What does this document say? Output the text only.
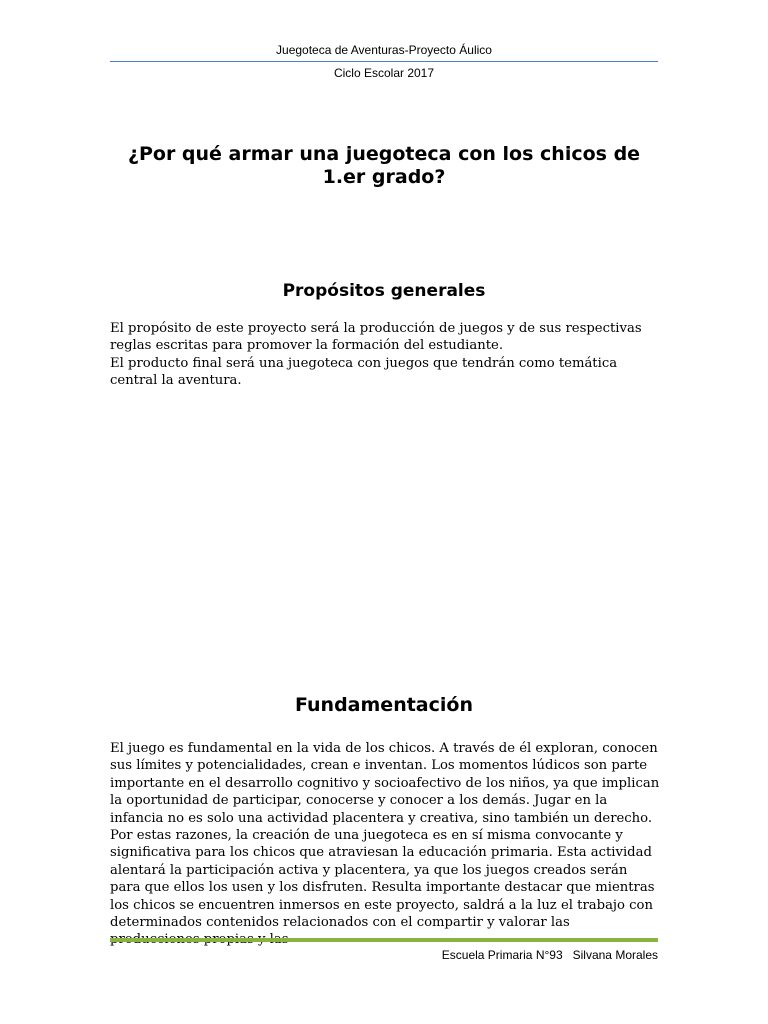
Juegoteca de Aventuras-Proyecto Áulico
Ciclo Escolar 2017
¿Por qué armar una juegoteca con los chicos de 1.er grado?
Propósitos generales

El propósito de este proyecto será la producción de juegos y de sus respectivas reglas escritas para promover la formación del estudiante.

El producto final será una juegoteca con juegos que tendrán como temática central la aventura.

Fundamentación

El juego es fundamental en la vida de los chicos. A través de él exploran, conocen sus límites y potencialidades, crean e inventan. Los momentos lúdicos son parte importante en el desarrollo cognitivo y socioafectivo de los niños, ya que implican la oportunidad de participar, conocerse y conocer a los demás. Jugar en la infancia no es solo una actividad placentera y creativa, sino también un derecho. Por estas razones, la creación de una juegoteca es en sí misma convocante y significativa para los chicos que atraviesan la educación primaria. Esta actividad alentará la participación activa y placentera, ya que los juegos creados serán para que ellos los usen y los disfruten. Resulta importante destacar que mientras los chicos se encuentren inmersos en este proyecto, saldrá a la luz el trabajo con determinados contenidos relacionados con el compartir y valorar las

Escuela Primaria N°93   Silvana Morales
